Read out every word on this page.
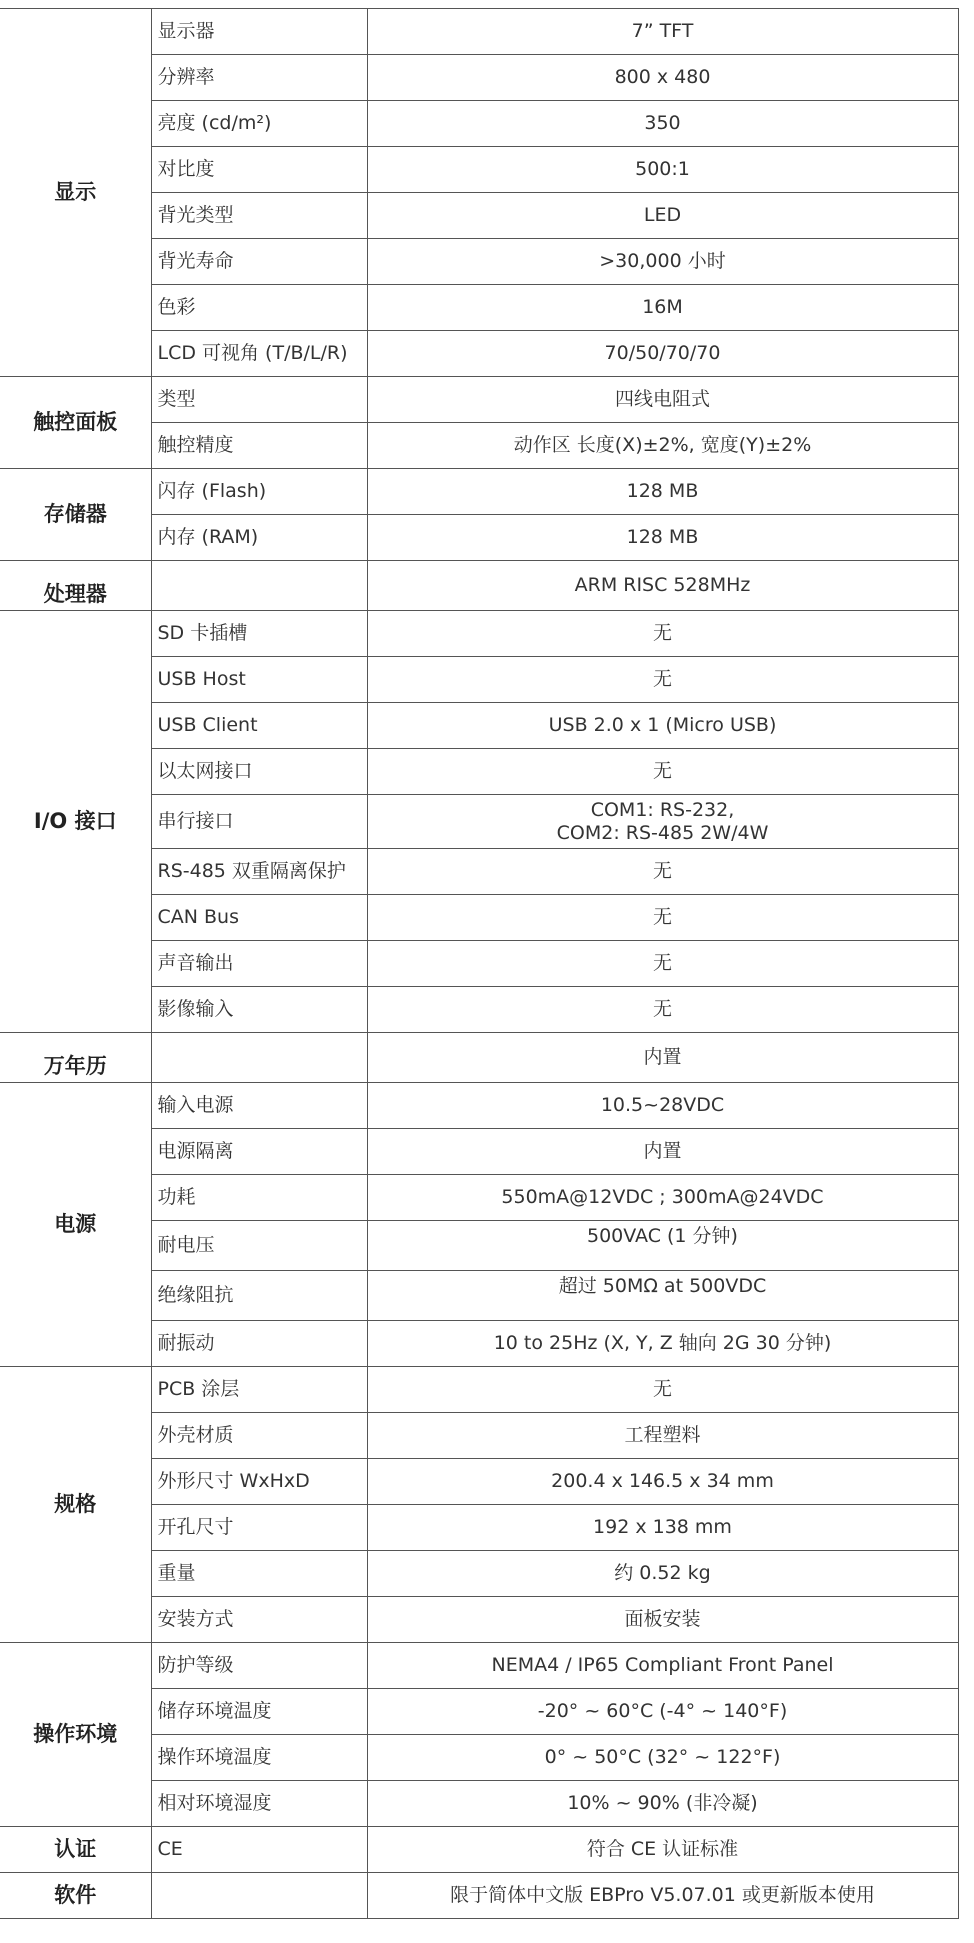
显示	显示器	7” TFT

	分辨率	800 x 480

	亮度 (cd/m²)	350

	对比度	500:1

	背光类型	LED

	背光寿命	>30,000 小时

	色彩	16M

	LCD 可视角 (T/B/L/R)	70/50/70/70

触控面板	类型	四线电阻式

	触控精度	动作区 长度(X)±2%, 宽度(Y)±2%

存储器	闪存 (Flash)	128 MB

	内存 (RAM)	128 MB

处理器		ARM RISC 528MHz

I/O 接口	SD 卡插槽	无

	USB Host	无

	USB Client	USB 2.0 x 1 (Micro USB)

	以太网接口	无

	串行接口	COM1: RS-232,
COM2: RS-485 2W/4W

	RS-485 双重隔离保护	无

	CAN Bus	无

	声音输出	无

	影像输入	无

万年历		内置

电源	输入电源	10.5~28VDC

	电源隔离	内置

	功耗	550mA@12VDC ; 300mA@24VDC

	耐电压	500VAC (1 分钟)

	绝缘阻抗	超过 50MΩ at 500VDC

	耐振动	10 to 25Hz (X, Y, Z 轴向 2G 30 分钟)

规格	PCB 涂层	无

	外壳材质	工程塑料

	外形尺寸 WxHxD	200.4 x 146.5 x 34 mm

	开孔尺寸	192 x 138 mm

	重量	约 0.52 kg

	安装方式	面板安装

操作环境	防护等级	NEMA4 / IP65 Compliant Front Panel

	储存环境温度	-20° ~ 60°C (-4° ~ 140°F)

	操作环境温度	0° ~ 50°C (32° ~ 122°F)

	相对环境湿度	10% ~ 90% (非冷凝)

认证	CE	符合 CE 认证标准

软件		限于简体中文版 EBPro V5.07.01 或更新版本使用
